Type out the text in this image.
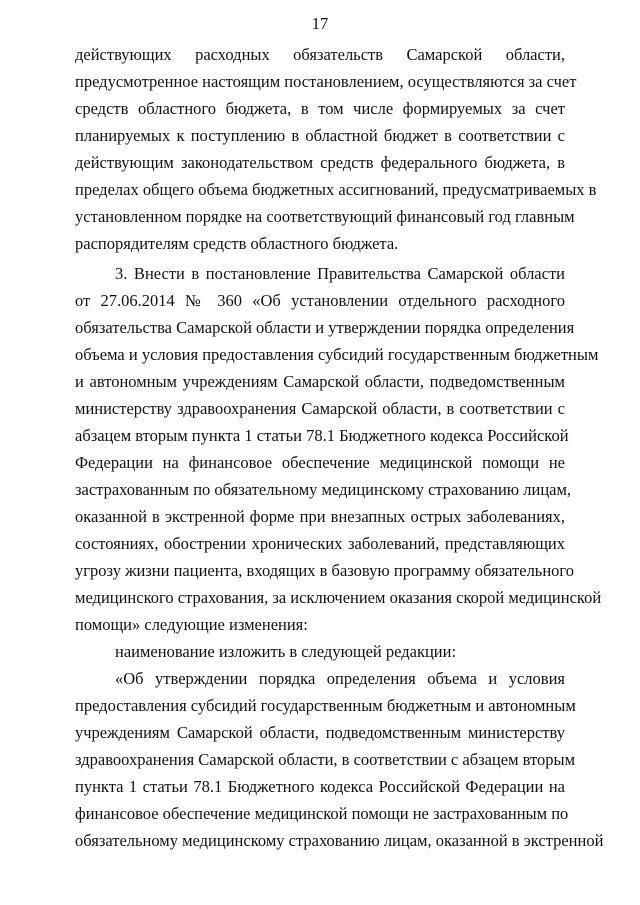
17
действующих расходных обязательств Самарской области,
предусмотренное настоящим постановлением, осуществляются за счет
средств областного бюджета, в том числе формируемых за счет
планируемых к поступлению в областной бюджет в соответствии с
действующим законодательством средств федерального бюджета, в
пределах общего объема бюджетных ассигнований, предусматриваемых в
установленном порядке на соответствующий финансовый год главным
распорядителям средств областного бюджета.
3. Внести в постановление Правительства Самарской области
от 27.06.2014 № 360 «Об установлении отдельного расходного
обязательства Самарской области и утверждении порядка определения
объема и условия предоставления субсидий государственным бюджетным
и автономным учреждениям Самарской области, подведомственным
министерству здравоохранения Самарской области, в соответствии с
абзацем вторым пункта 1 статьи 78.1 Бюджетного кодекса Российской
Федерации на финансовое обеспечение медицинской помощи не
застрахованным по обязательному медицинскому страхованию лицам,
оказанной в экстренной форме при внезапных острых заболеваниях,
состояниях, обострении хронических заболеваний, представляющих
угрозу жизни пациента, входящих в базовую программу обязательного
медицинского страхования, за исключением оказания скорой медицинской
помощи» следующие изменения:
наименование изложить в следующей редакции:
«Об утверждении порядка определения объема и условия
предоставления субсидий государственным бюджетным и автономным
учреждениям Самарской области, подведомственным министерству
здравоохранения Самарской области, в соответствии с абзацем вторым
пункта 1 статьи 78.1 Бюджетного кодекса Российской Федерации на
финансовое обеспечение медицинской помощи не застрахованным по
обязательному медицинскому страхованию лицам, оказанной в экстренной
